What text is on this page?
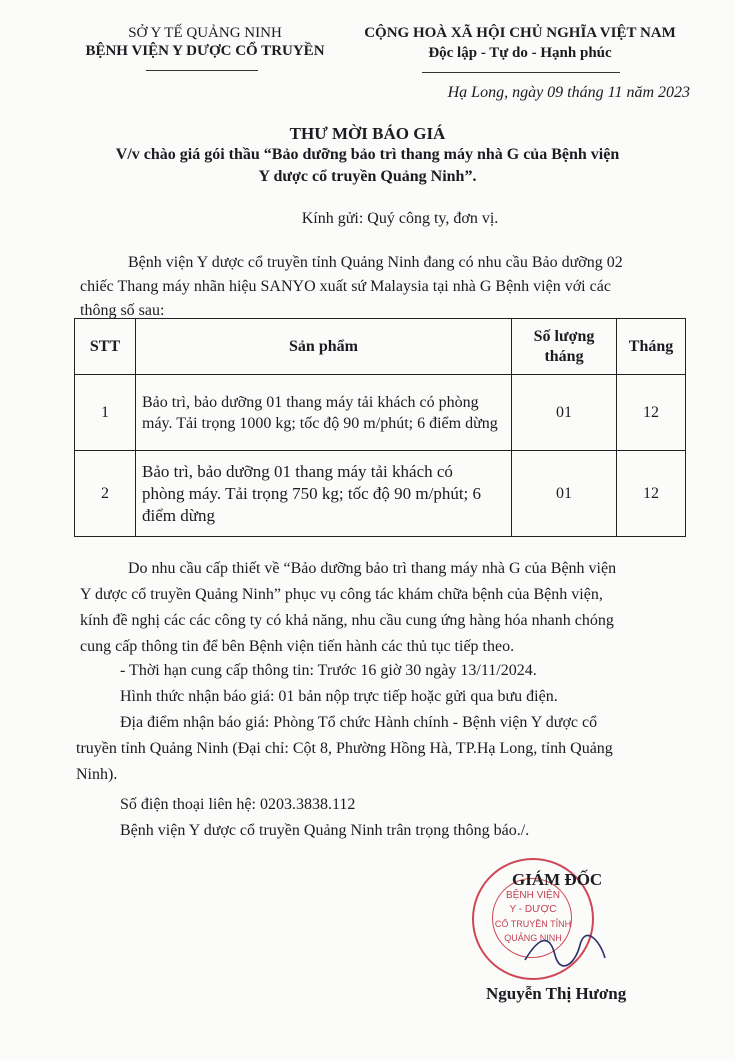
SỞ Y TẾ QUẢNG NINH
BỆNH VIỆN Y DƯỢC CỔ TRUYỀN
CỘNG HOÀ XÃ HỘI CHỦ NGHĨA VIỆT NAM
Độc lập - Tự do - Hạnh phúc
Hạ Long, ngày 09 tháng 11 năm 2023
THƯ MỜI BÁO GIÁ
V/v chào giá gói thầu “Bảo dưỡng bảo trì thang máy nhà G của Bệnh viện
Y dược cổ truyền Quảng Ninh”.
Kính gửi: Quý công ty, đơn vị.
Bệnh viện Y dược cổ truyền tỉnh Quảng Ninh đang có nhu cầu Bảo dưỡng 02
chiếc Thang máy nhãn hiệu SANYO xuất sứ Malaysia tại nhà G Bệnh viện với các
thông số sau:
STT	Sản phẩm	Số lượng tháng	Tháng
1	Bảo trì, bảo dưỡng 01 thang máy tải khách có phòng máy. Tải trọng 1000 kg; tốc độ 90 m/phút; 6 điểm dừng	01	12
2	Bảo trì, bảo dưỡng 01 thang máy tải khách có phòng máy. Tải trọng 750 kg; tốc độ 90 m/phút; 6 điểm dừng	01	12
Do nhu cầu cấp thiết về “Bảo dưỡng bảo trì thang máy nhà G của Bệnh viện
Y dược cổ truyền Quảng Ninh” phục vụ công tác khám chữa bệnh của Bệnh viện,
kính đề nghị các các công ty có khả năng, nhu cầu cung ứng hàng hóa nhanh chóng
cung cấp thông tin để bên Bệnh viện tiến hành các thủ tục tiếp theo.
- Thời hạn cung cấp thông tin: Trước 16 giờ 30 ngày 13/11/2024.
Hình thức nhận báo giá: 01 bản nộp trực tiếp hoặc gửi qua bưu điện.
Địa điểm nhận báo giá: Phòng Tổ chức Hành chính - Bệnh viện Y dược cổ
truyền tỉnh Quảng Ninh (Đại chỉ: Cột 8, Phường Hồng Hà, TP.Hạ Long, tỉnh Quảng
Ninh).
Số điện thoại liên hệ: 0203.3838.112
Bệnh viện Y dược cổ truyền Quảng Ninh trân trọng thông báo./.
BỆNH VIỆN
Y - DƯỢC
CỔ TRUYỀN TỈNH
QUẢNG NINH
GIÁM ĐỐC
Nguyễn Thị Hương
